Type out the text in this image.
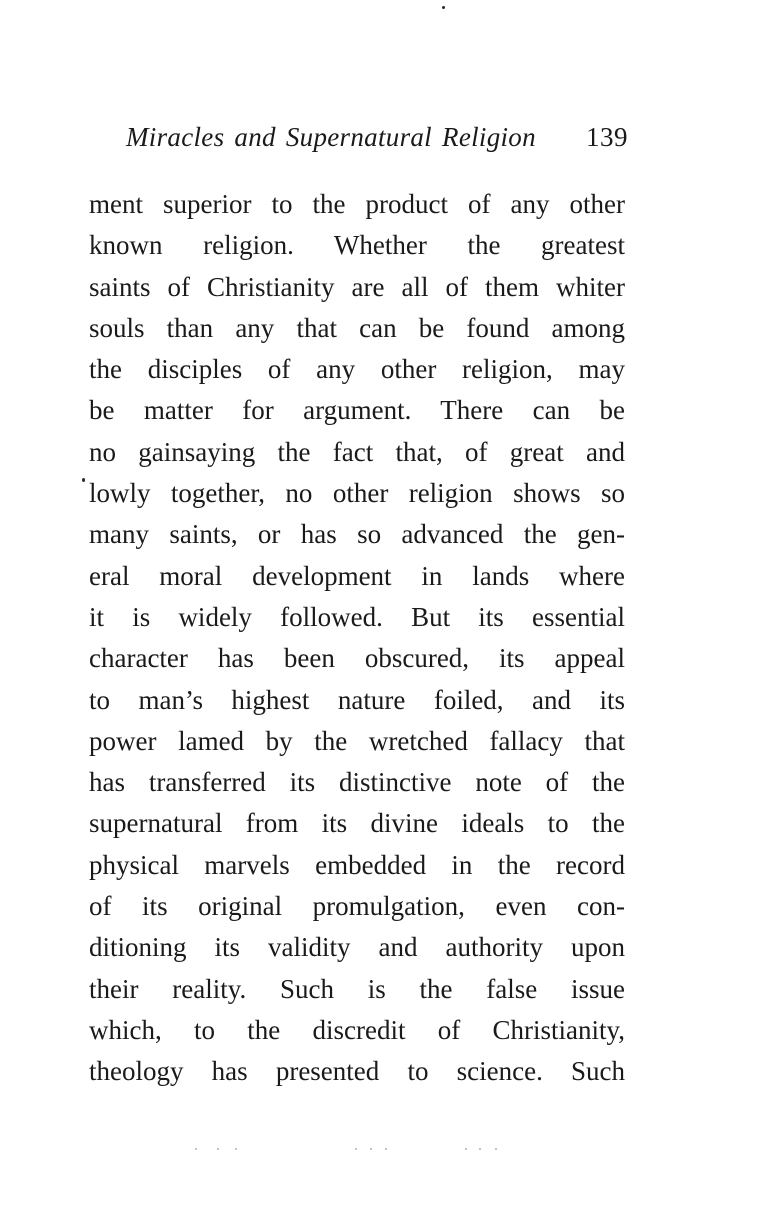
Miracles and Supernatural Religion 139
ment superior to the product of any other
known religion. Whether the greatest
saints of Christianity are all of them whiter
souls than any that can be found among
the disciples of any other religion, may
be matter for argument. There can be
no gainsaying the fact that, of great and
lowly together, no other religion shows so
many saints, or has so advanced the gen-
eral moral development in lands where
it is widely followed. But its essential
character has been obscured, its appeal
to man’s highest nature foiled, and its
power lamed by the wretched fallacy that
has transferred its distinctive note of the
supernatural from its divine ideals to the
physical marvels embedded in the record
of its original promulgation, even con-
ditioning its validity and authority upon
their reality. Such is the false issue
which, to the discredit of Christianity,
theology has presented to science. Such
